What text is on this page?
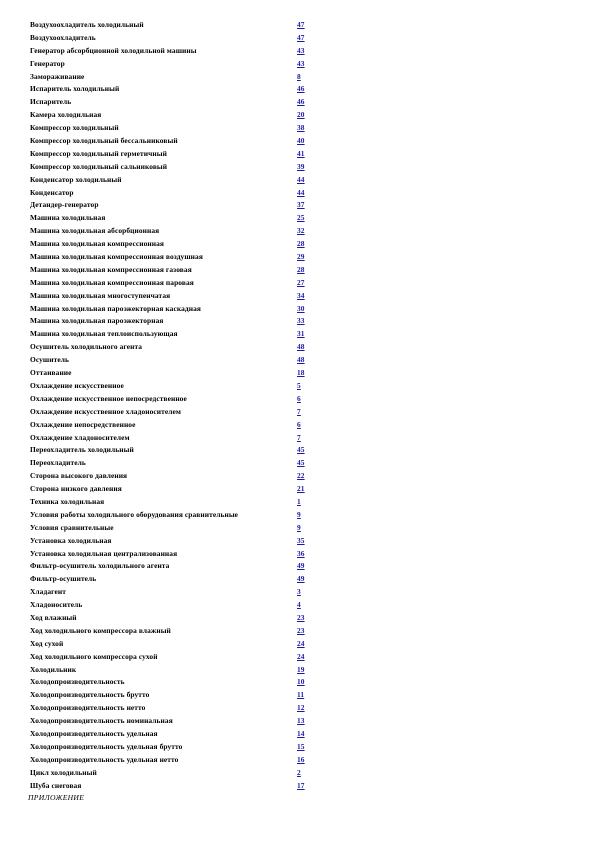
Воздухоохладитель холодильный	47
Воздухоохладитель	47
Генератор абсорбционной холодильной машины	43
Генератор	43
Замораживание	8
Испаритель холодильный	46
Испаритель	46
Камера холодильная	20
Компрессор холодильный	38
Компрессор холодильный бессальниковый	40
Компрессор холодильный герметичный	41
Компрессор холодильный сальниковый	39
Конденсатор холодильный	44
Конденсатор	44
Детандер-генератор	37
Машина холодильная	25
Машина холодильная абсорбционная	32
Машина холодильная компрессионная	28
Машина холодильная компрессионная воздушная	29
Машина холодильная компрессионная газовая	28
Машина холодильная компрессионная паровая	27
Машина холодильная многоступенчатая	34
Машина холодильная пароэжекторная каскадная	30
Машина холодильная пароэжекторная	33
Машина холодильная теплоиспользующая	31
Осушитель холодильного агента	48
Осушитель	48
Оттаивание	18
Охлаждение искусственное	5
Охлаждение искусственное непосредственное	6
Охлаждение искусственное хладоносителем	7
Охлаждение непосредственное	6
Охлаждение хладоносителем	7
Переохладитель холодильный	45
Переохладитель	45
Сторона высокого давления	22
Сторона низкого давления	21
Техника холодильная	1
Условия работы холодильного оборудования сравнительные	9
Условия сравнительные	9
Установка холодильная	35
Установка холодильная централизованная	36
Фильтр-осушитель холодильного агента	49
Фильтр-осушитель	49
Хладагент	3
Хладоноситель	4
Ход влажный	23
Ход холодильного компрессора влажный	23
Ход сухой	24
Ход холодильного компрессора сухой	24
Холодильник	19
Холодопроизводительность	10
Холодопроизводительность брутто	11
Холодопроизводительность нетто	12
Холодопроизводительность номинальная	13
Холодопроизводительность удельная	14
Холодопроизводительность удельная брутто	15
Холодопроизводительность удельная нетто	16
Цикл холодильный	2
Шуба снеговая	17
ПРИЛОЖЕНИЕ
